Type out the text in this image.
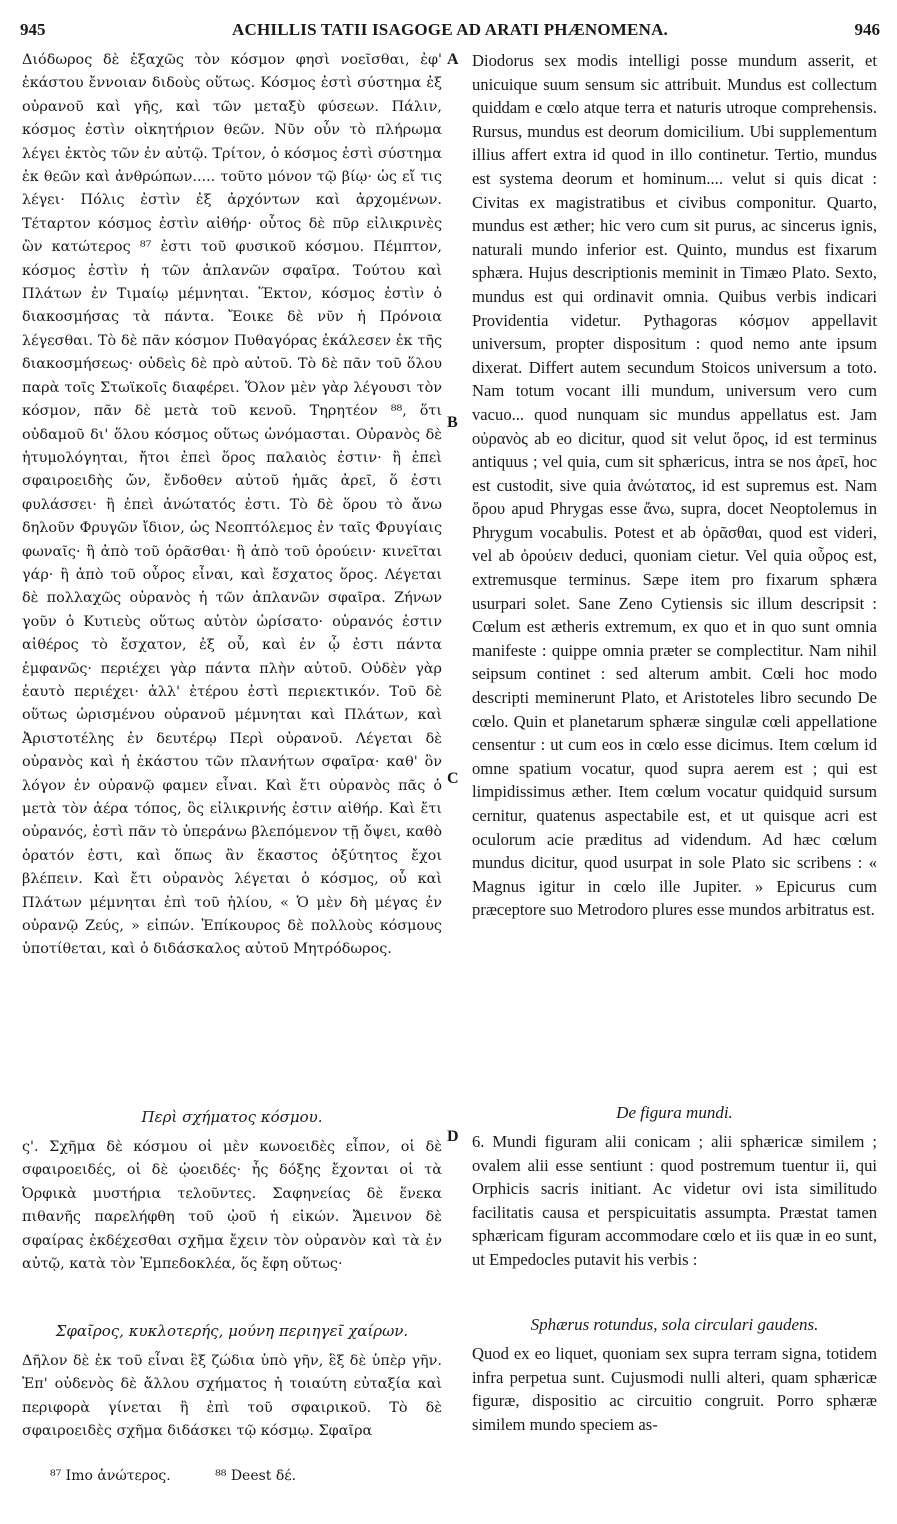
945	ACHILLIS TATII ISAGOGE AD ARATI PHÆNOMENA.	946

Διόδωρος δὲ ἑξαχῶς τὸν κόσμον φησὶ νοεῖσθαι, ἐφ' ἑκάστου ἔννοιαν διδοὺς οὕτως. Κόσμος ἐστὶ σύστημα ἐξ οὐρανοῦ καὶ γῆς, καὶ τῶν μεταξὺ φύσεων. Πάλιν, κόσμος ἐστὶν οἰκητήριον θεῶν. Νῦν οὖν τὸ πλήρωμα λέγει ἐκτὸς τῶν ἐν αὐτῷ. Τρίτον, ὁ κόσμος ἐστὶ σύστημα ἐκ θεῶν καὶ ἀνθρώπων..... τοῦτο μόνον τῷ βίῳ· ὡς εἴ τις λέγει· Πόλις ἐστὶν ἐξ ἀρχόντων καὶ ἀρχομένων. Τέταρτον κόσμος ἐστὶν αἰθήρ· οὗτος δὲ πῦρ εἰλικρινὲς ὢν κατώτερος ⁸⁷ ἐστι τοῦ φυσικοῦ κόσμου. Πέμπτον, κόσμος ἐστὶν ἡ τῶν ἀπλανῶν σφαῖρα. Τούτου καὶ Πλάτων ἐν Τιμαίῳ μέμνηται. Ἕκτον, κόσμος ἐστὶν ὁ διακοσμήσας τὰ πάντα. Ἔοικε δὲ νῦν ἡ Πρόνοια λέγεσθαι. Τὸ δὲ πᾶν κόσμον Πυθαγόρας ἐκάλεσεν ἐκ τῆς διακοσμήσεως· οὐδεὶς δὲ πρὸ αὐτοῦ. Τὸ δὲ πᾶν τοῦ ὅλου παρὰ τοῖς Στωϊκοῖς διαφέρει. Ὅλον μὲν γὰρ λέγουσι τὸν κόσμον, πᾶν δὲ μετὰ τοῦ κενοῦ. Τηρητέον ⁸⁸, ὅτι οὐδαμοῦ δι' ὅλου κόσμος οὕτως ὠνόμασται. Οὐρανὸς δὲ ἡτυμολόγηται, ἤτοι ἐπεὶ ὅρος παλαιὸς ἐστιν· ἢ ἐπεὶ σφαιροειδὴς ὤν, ἔνδοθεν αὐτοῦ ἡμᾶς ἀρεῖ, ὅ ἐστι φυλάσσει· ἢ ἐπεὶ ἀνώτατός ἐστι. Τὸ δὲ ὅρου τὸ ἄνω δηλοῦν Φρυγῶν ἴδιον, ὡς Νεοπτόλεμος ἐν ταῖς Φρυγίαις φωναῖς· ἢ ἀπὸ τοῦ ὁρᾶσθαι· ἢ ἀπὸ τοῦ ὀρούειν· κινεῖται γάρ· ἢ ἀπὸ τοῦ οὖρος εἶναι, καὶ ἔσχατος ὅρος. Λέγεται δὲ πολλαχῶς οὐρανὸς ἡ τῶν ἀπλανῶν σφαῖρα. Ζήνων γοῦν ὁ Κυτιεὺς οὕτως αὐτὸν ὡρίσατο· οὐρανός ἐστιν αἰθέρος τὸ ἔσχατον, ἐξ οὗ, καὶ ἐν ᾧ ἐστι πάντα ἐμφανῶς· περιέχει γὰρ πάντα πλὴν αὐτοῦ. Οὐδὲν γὰρ ἑαυτὸ περιέχει· ἀλλ' ἑτέρου ἐστὶ περιεκτικόν. Τοῦ δὲ οὕτως ὡρισμένου οὐρανοῦ μέμνηται καὶ Πλάτων, καὶ Ἀριστοτέλης ἐν δευτέρῳ Περὶ οὐρανοῦ. Λέγεται δὲ οὐρανὸς καὶ ἡ ἑκάστου τῶν πλανήτων σφαῖρα· καθ' ὃν λόγον ἐν οὐρανῷ φαμεν εἶναι. Καὶ ἔτι οὐρανὸς πᾶς ὁ μετὰ τὸν ἀέρα τόπος, ὃς εἰλικρινής ἐστιν αἰθήρ. Καὶ ἔτι οὐρανός, ἐστὶ πᾶν τὸ ὑπεράνω βλεπόμενον τῇ ὄψει, καθὸ ὁρατόν ἐστι, καὶ ὅπως ἂν ἕκαστος ὀξύτητος ἔχοι βλέπειν. Καὶ ἔτι οὐρανὸς λέγεται ὁ κόσμος, οὗ καὶ Πλάτων μέμνηται ἐπὶ τοῦ ἡλίου, « Ὁ μὲν δὴ μέγας ἐν οὐρανῷ Ζεύς, » εἰπών. Ἐπίκουρος δὲ πολλοὺς κόσμους ὑποτίθεται, καὶ ὁ διδάσκαλος αὐτοῦ Μητρόδωρος.

Diodorus sex modis intelligi posse mundum asserit, et unicuique suum sensum sic attribuit. Mundus est collectum quiddam e cœlo atque terra et naturis utroque comprehensis. Rursus, mundus est deorum domicilium. Ubi supplementum illius affert extra id quod in illo continetur. Tertio, mundus est systema deorum et hominum.... velut si quis dicat : Civitas ex magistratibus et civibus componitur. Quarto, mundus est æther; hic vero cum sit purus, ac sincerus ignis, naturali mundo inferior est. Quinto, mundus est fixarum sphæra. Hujus descriptionis meminit in Timæo Plato. Sexto, mundus est qui ordinavit omnia. Quibus verbis indicari Providentia videtur. Pythagoras κόσμον appellavit universum, propter dispositum : quod nemo ante ipsum dixerat. Differt autem secundum Stoicos universum a toto. Nam totum vocant illi mundum, universum vero cum vacuo... quod nunquam sic mundus appellatus est. Jam οὐρανὸς ab eo dicitur, quod sit velut ὅρος, id est terminus antiquus ; vel quia, cum sit sphæricus, intra se nos ἀρεῖ, hoc est custodit, sive quia ἀνώτατος, id est supremus est. Nam ὅρου apud Phrygas esse ἄνω, supra, docet Neoptolemus in Phrygum vocabulis. Potest et ab ὁρᾶσθαι, quod est videri, vel ab ὀρούειν deduci, quoniam cietur. Vel quia οὖρος est, extremusque terminus. Sæpe item pro fixarum sphæra usurpari solet. Sane Zeno Cytiensis sic illum descripsit : Cœlum est ætheris extremum, ex quo et in quo sunt omnia manifeste : quippe omnia præter se complectitur. Nam nihil seipsum continet : sed alterum ambit. Cœli hoc modo descripti meminerunt Plato, et Aristoteles libro secundo De cœlo. Quin et planetarum sphæræ singulæ cœli appellatione censentur : ut cum eos in cœlo esse dicimus. Item cœlum id omne spatium vocatur, quod supra aerem est ; qui est limpidissimus æther. Item cœlum vocatur quidquid sursum cernitur, quatenus aspectabile est, et ut quisque acri est oculorum acie præditus ad videndum. Ad hæc cœlum mundus dicitur, quod usurpat in sole Plato sic scribens : « Magnus igitur in cœlo ille Jupiter. » Epicurus cum præceptore suo Metrodoro plures esse mundos arbitratus est.

A
B
C
D
Περὶ σχήματος κόσμου.	De figura mundi.

ς'. Σχῆμα δὲ κόσμου οἱ μὲν κωνοειδὲς εἶπον, οἱ δὲ σφαιροειδές, οἱ δὲ ᾠοειδές· ἧς δόξης ἔχονται οἱ τὰ Ὀρφικὰ μυστήρια τελοῦντες. Σαφηνείας δὲ ἕνεκα πιθανῆς παρελήφθη τοῦ ᾠοῦ ἡ εἰκών. Ἄμεινον δὲ σφαίρας ἐκδέχεσθαι σχῆμα ἔχειν τὸν οὐρανὸν καὶ τὰ ἐν αὐτῷ, κατὰ τὸν Ἐμπεδοκλέα, ὅς ἔφη οὕτως·

6. Mundi figuram alii conicam ; alii sphæricæ similem ; ovalem alii esse sentiunt : quod postremum tuentur ii, qui Orphicis sacris initiant. Ac videtur ovi ista similitudo facilitatis causa et perspicuitatis assumpta. Præstat tamen sphæricam figuram accommodare cœlo et iis quæ in eo sunt, ut Empedocles putavit his verbis :

Σφαῖρος, κυκλοτερής, μούνη περιηγεῖ χαίρων.	Sphærus rotundus, sola circulari gaudens.

Δῆλον δὲ ἐκ τοῦ εἶναι ἓξ ζώδια ὑπὸ γῆν, ἓξ δὲ ὑπὲρ γῆν. Ἐπ' οὐδενὸς δὲ ἄλλου σχήματος ἡ τοιαύτη εὐταξία καὶ περιφορὰ γίνεται ἢ ἐπὶ τοῦ σφαιρικοῦ. Τὸ δὲ σφαιροειδὲς σχῆμα διδάσκει τῷ κόσμῳ. Σφαῖρα

Quod ex eo liquet, quoniam sex supra terram signa, totidem infra perpetua sunt. Cujusmodi nulli alteri, quam sphæricæ figuræ, dispositio ac circuitio congruit. Porro sphæræ similem mundo speciem as-

⁸⁷ Imo ἀνώτερος.	⁸⁸ Deest δέ.
